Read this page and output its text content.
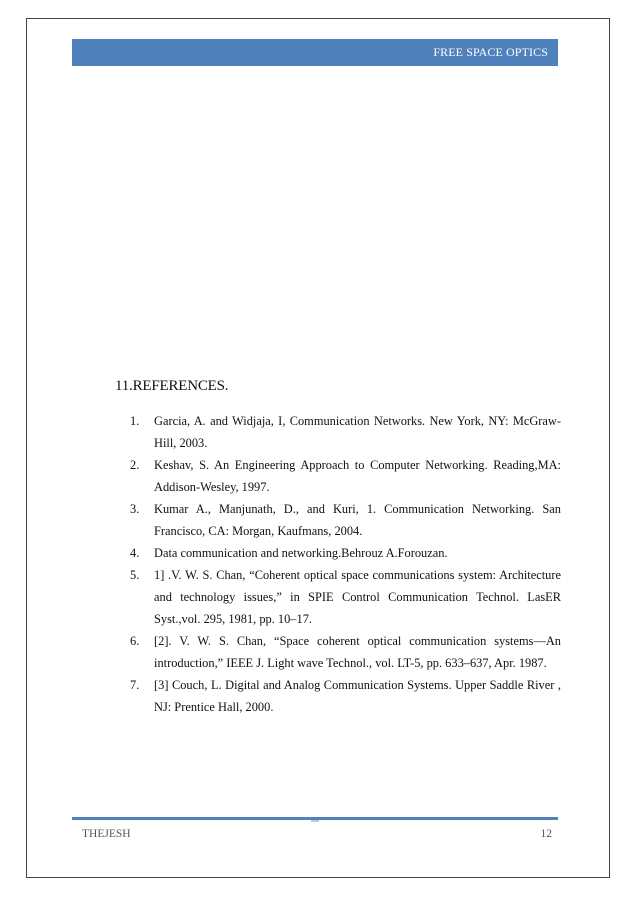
FREE SPACE OPTICS
11.REFERENCES.
1. Garcia, A. and Widjaja, I, Communication Networks. New York, NY: McGraw- Hill, 2003.
2. Keshav, S. An Engineering Approach to Computer Networking. Reading,MA: Addison-Wesley, 1997.
3. Kumar A., Manjunath, D., and Kuri, 1. Communication Networking. San Francisco, CA: Morgan, Kaufmans, 2004.
4. Data communication and networking.Behrouz A.Forouzan.
5. 1] .V. W. S. Chan, “Coherent optical space communications system: Architecture and technology issues,” in SPIE Control Communication Technol. LasER Syst.,vol. 295, 1981, pp. 10–17.
6. [2]. V. W. S. Chan, “Space coherent optical communication systems—An introduction,” IEEE J. Light wave Technol., vol. LT-5, pp. 633–637, Apr. 1987.
7. [3] Couch, L. Digital and Analog Communication Systems. Upper Saddle River , NJ: Prentice Hall, 2000.
THEJESH	12
